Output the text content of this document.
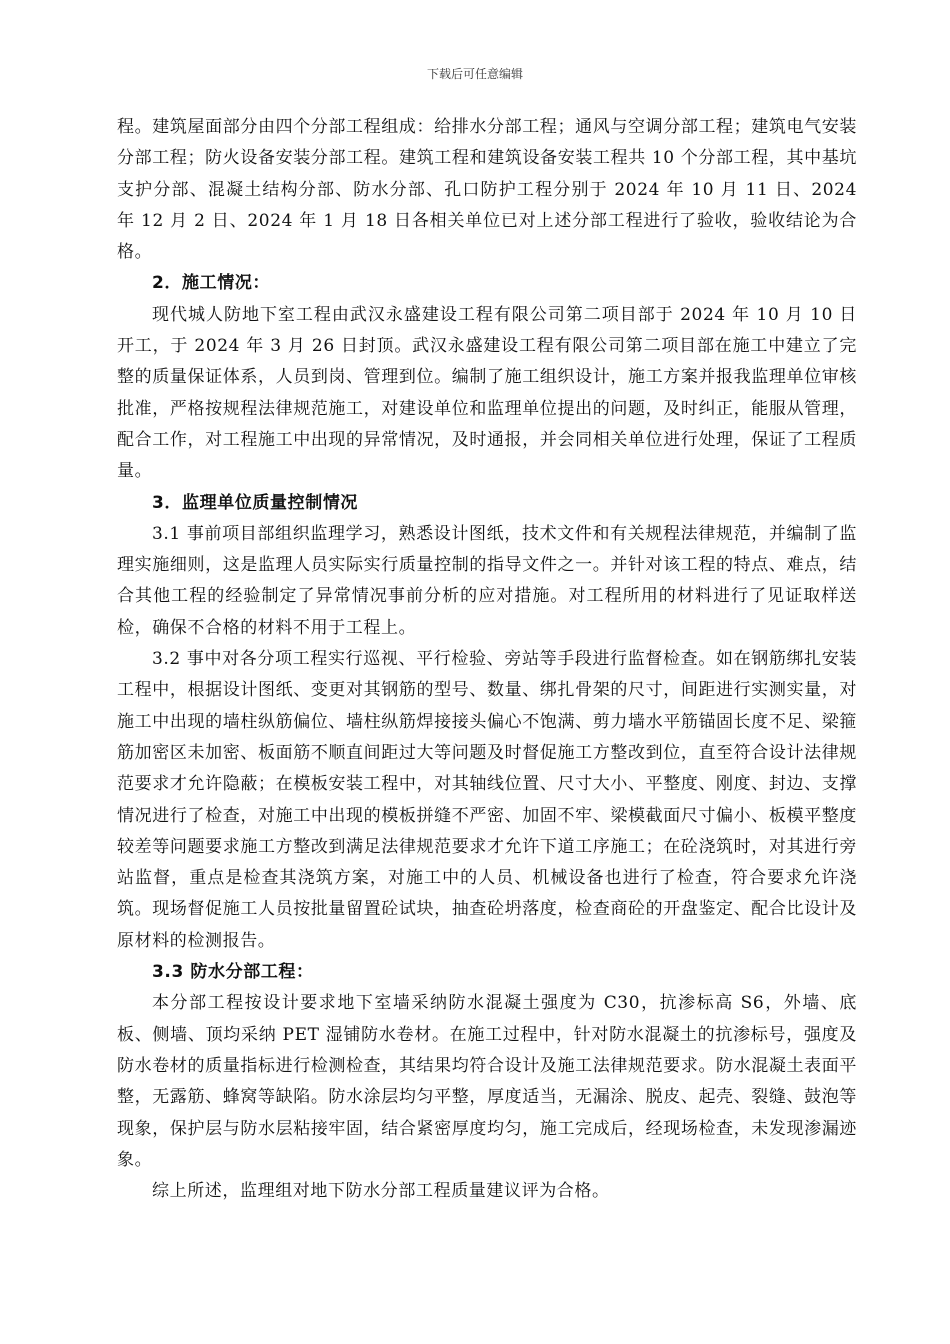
下载后可任意编辑

程。建筑屋面部分由四个分部工程组成：给排水分部工程；通风与空调分部工程；建筑电气安装分部工程；防火设备安装分部工程。建筑工程和建筑设备安装工程共 10 个分部工程，其中基坑支护分部、混凝土结构分部、防水分部、孔口防护工程分别于 2024 年 10 月 11 日、2024 年 12 月 2 日、2024 年 1 月 18 日各相关单位已对上述分部工程进行了验收，验收结论为合格。

2．施工情况：

现代城人防地下室工程由武汉永盛建设工程有限公司第二项目部于 2024 年 10 月 10 日开工，于 2024 年 3 月 26 日封顶。武汉永盛建设工程有限公司第二项目部在施工中建立了完整的质量保证体系，人员到岗、管理到位。编制了施工组织设计，施工方案并报我监理单位审核批准，严格按规程法律规范施工，对建设单位和监理单位提出的问题，及时纠正，能服从管理，配合工作，对工程施工中出现的异常情况，及时通报，并会同相关单位进行处理，保证了工程质量。

3．监理单位质量控制情况

3.1 事前项目部组织监理学习，熟悉设计图纸，技术文件和有关规程法律规范，并编制了监理实施细则，这是监理人员实际实行质量控制的指导文件之一。并针对该工程的特点、难点，结合其他工程的经验制定了异常情况事前分析的应对措施。对工程所用的材料进行了见证取样送检，确保不合格的材料不用于工程上。

3.2 事中对各分项工程实行巡视、平行检验、旁站等手段进行监督检查。如在钢筋绑扎安装工程中，根据设计图纸、变更对其钢筋的型号、数量、绑扎骨架的尺寸，间距进行实测实量，对施工中出现的墙柱纵筋偏位、墙柱纵筋焊接接头偏心不饱满、剪力墙水平筋锚固长度不足、梁箍筋加密区未加密、板面筋不顺直间距过大等问题及时督促施工方整改到位，直至符合设计法律规范要求才允许隐蔽；在模板安装工程中，对其轴线位置、尺寸大小、平整度、刚度、封边、支撑情况进行了检查，对施工中出现的模板拼缝不严密、加固不牢、梁模截面尺寸偏小、板模平整度较差等问题要求施工方整改到满足法律规范要求才允许下道工序施工；在砼浇筑时，对其进行旁站监督，重点是检查其浇筑方案，对施工中的人员、机械设备也进行了检查，符合要求允许浇筑。现场督促施工人员按批量留置砼试块，抽查砼坍落度，检查商砼的开盘鉴定、配合比设计及原材料的检测报告。

3.3 防水分部工程：

本分部工程按设计要求地下室墙采纳防水混凝土强度为 C30，抗渗标高 S6，外墙、底板、侧墙、顶均采纳 PET 湿铺防水卷材。在施工过程中，针对防水混凝土的抗渗标号，强度及防水卷材的质量指标进行检测检查，其结果均符合设计及施工法律规范要求。防水混凝土表面平整，无露筋、蜂窝等缺陷。防水涂层均匀平整，厚度适当，无漏涂、脱皮、起壳、裂缝、鼓泡等现象，保护层与防水层粘接牢固，结合紧密厚度均匀，施工完成后，经现场检查，未发现渗漏迹象。

综上所述，监理组对地下防水分部工程质量建议评为合格。
